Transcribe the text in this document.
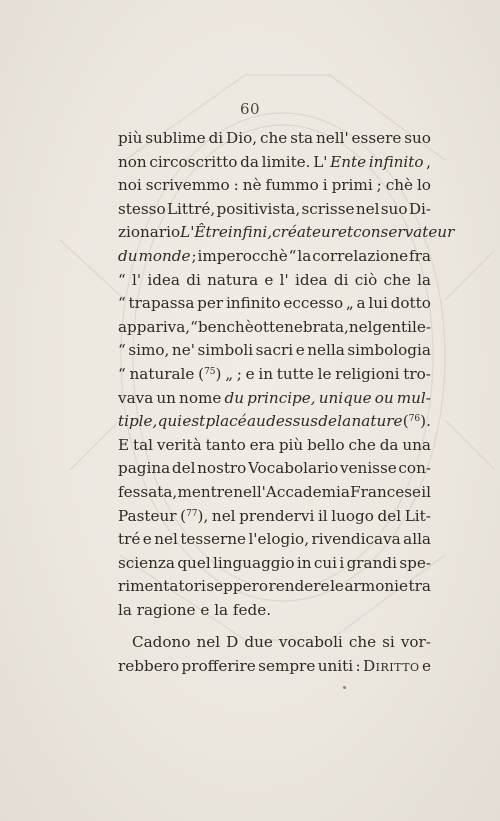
60
più sublime di Dio, che sta nell' essere suo
non circoscritto da limite. L' Ente infinito ,
noi scrivemmo : nè fummo i primi ; chè lo
stesso Littré, positivista, scrisse nel suo Di-
zionario L'Être infini, créateur et conservateur
du monde ; imperocchè “ la correlazione fra
“ l' idea di natura e l' idea di ciò che la
“ trapassa per infinito eccesso „ a lui dotto
appariva, “ benchè ottenebrata, nel gentile-
“ simo, ne' simboli sacri e nella simbologia
“ naturale ($^{75}$) „ ; e in tutte le religioni tro-
vava un nome du principe, unique ou mul-
tiple, qui est placé au dessus de la nature ($^{76}$).
E tal verità tanto era più bello che da una
pagina del nostro Vocabolario venisse con-
fessata, mentre nell'Accademia Francese il
Pasteur ($^{77}$), nel prendervi il luogo del Lit-
tré e nel tesserne l'elogio, rivendicava alla
scienza quel linguaggio in cui i grandi spe-
rimentatori seppero rendere le armonie tra
la ragione e la fede.
Cadono nel D due vocaboli che si vor-
rebbero profferire sempre uniti : Diritto e
